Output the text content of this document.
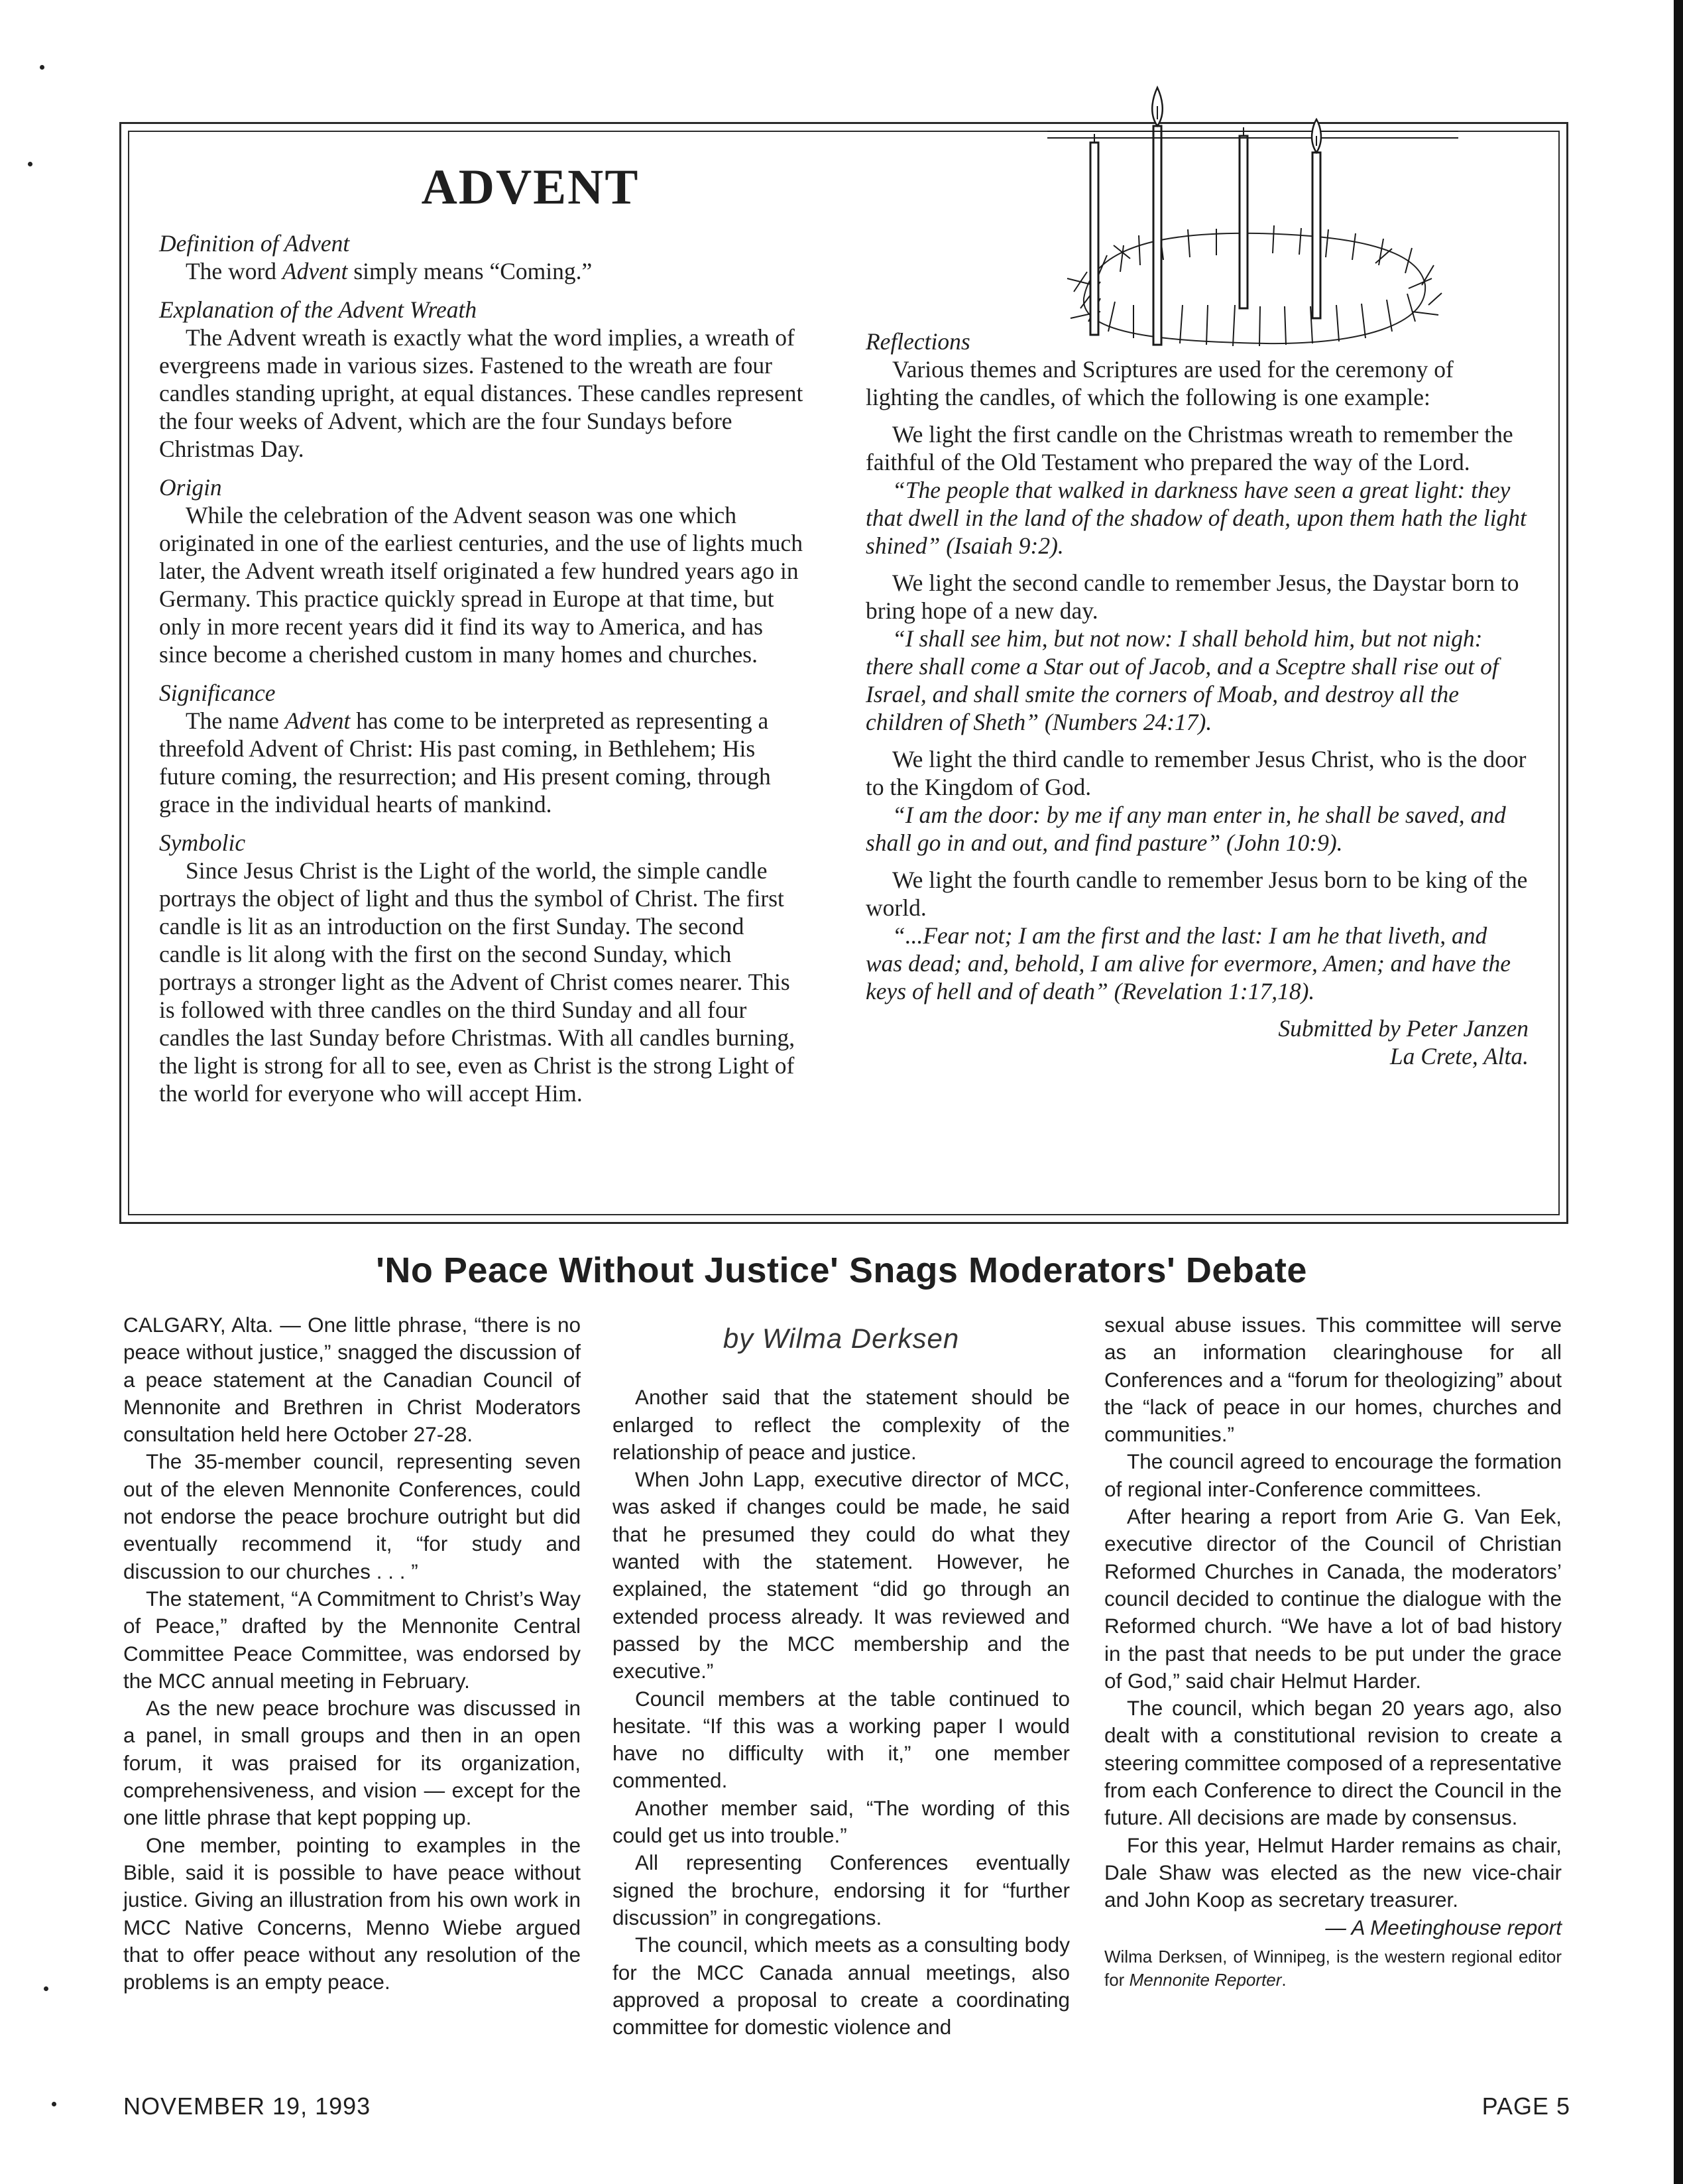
ADVENT

Definition of Advent

The word Advent simply means “Coming.”

Explanation of the Advent Wreath

The Advent wreath is exactly what the word implies, a wreath of evergreens made in various sizes. Fastened to the wreath are four candles standing upright, at equal distances. These candles represent the four weeks of Advent, which are the four Sundays before Christmas Day.

Origin

While the celebration of the Advent season was one which originated in one of the earliest centuries, and the use of lights much later, the Advent wreath itself originated a few hundred years ago in Germany. This practice quickly spread in Europe at that time, but only in more recent years did it find its way to America, and has since become a cherished custom in many homes and churches.

Significance

The name Advent has come to be interpreted as representing a threefold Advent of Christ: His past coming, in Bethlehem; His future coming, the resurrection; and His present coming, through grace in the individual hearts of mankind.

Symbolic

Since Jesus Christ is the Light of the world, the simple candle portrays the object of light and thus the symbol of Christ. The first candle is lit as an introduction on the first Sunday. The second candle is lit along with the first on the second Sunday, which portrays a stronger light as the Advent of Christ comes nearer. This is followed with three candles on the third Sunday and all four candles the last Sunday before Christmas. With all candles burning, the light is strong for all to see, even as Christ is the strong Light of the world for everyone who will accept Him.

Reflections

Various themes and Scriptures are used for the ceremony of lighting the candles, of which the following is one example:

We light the first candle on the Christmas wreath to remember the faithful of the Old Testament who prepared the way of the Lord.

“The people that walked in darkness have seen a great light: they that dwell in the land of the shadow of death, upon them hath the light shined” (Isaiah 9:2).

We light the second candle to remember Jesus, the Daystar born to bring hope of a new day.

“I shall see him, but not now: I shall behold him, but not nigh: there shall come a Star out of Jacob, and a Sceptre shall rise out of Israel, and shall smite the corners of Moab, and destroy all the children of Sheth” (Numbers 24:17).

We light the third candle to remember Jesus Christ, who is the door to the Kingdom of God.

“I am the door: by me if any man enter in, he shall be saved, and shall go in and out, and find pasture” (John 10:9).

We light the fourth candle to remember Jesus born to be king of the world.

“...Fear not; I am the first and the last: I am he that liveth, and was dead; and, behold, I am alive for evermore, Amen; and have the keys of hell and of death” (Revelation 1:17,18).

Submitted by Peter Janzen

La Crete, Alta.

'No Peace Without Justice' Snags Moderators' Debate

CALGARY, Alta. — One little phrase, “there is no peace without justice,” snagged the discussion of a peace statement at the Canadian Council of Mennonite and Brethren in Christ Moderators consultation held here October 27-28.

The 35-member council, representing seven out of the eleven Mennonite Conferences, could not endorse the peace brochure outright but did eventually recommend it, “for study and discussion to our churches . . . ”

The statement, “A Commitment to Christ’s Way of Peace,” drafted by the Mennonite Central Committee Peace Committee, was endorsed by the MCC annual meeting in February.

As the new peace brochure was discussed in a panel, in small groups and then in an open forum, it was praised for its organization, comprehensiveness, and vision — except for the one little phrase that kept popping up.

One member, pointing to examples in the Bible, said it is possible to have peace without justice. Giving an illustration from his own work in MCC Native Concerns, Menno Wiebe argued that to offer peace without any resolution of the problems is an empty peace.

by Wilma Derksen

Another said that the statement should be enlarged to reflect the complexity of the relationship of peace and justice.

When John Lapp, executive director of MCC, was asked if changes could be made, he said that he presumed they could do what they wanted with the statement. However, he explained, the statement “did go through an extended process already. It was reviewed and passed by the MCC membership and the executive.”

Council members at the table continued to hesitate. “If this was a working paper I would have no difficulty with it,” one member commented.

Another member said, “The wording of this could get us into trouble.”

All representing Conferences eventually signed the brochure, endorsing it for “further discussion” in congregations.

The council, which meets as a consulting body for the MCC Canada annual meetings, also approved a proposal to create a coordinating committee for domestic violence and

sexual abuse issues. This committee will serve as an information clearinghouse for all Conferences and a “forum for theologizing” about the “lack of peace in our homes, churches and communities.”

The council agreed to encourage the formation of regional inter-Conference committees.

After hearing a report from Arie G. Van Eek, executive director of the Council of Christian Reformed Churches in Canada, the moderators’ council decided to continue the dialogue with the Reformed church. “We have a lot of bad history in the past that needs to be put under the grace of God,” said chair Helmut Harder.

The council, which began 20 years ago, also dealt with a constitutional revision to create a steering committee composed of a representative from each Conference to direct the Council in the future. All decisions are made by consensus.

For this year, Helmut Harder remains as chair, Dale Shaw was elected as the new vice-chair and John Koop as secretary treasurer.

— A Meetinghouse report

Wilma Derksen, of Winnipeg, is the western regional editor for Mennonite Reporter.

NOVEMBER 19, 1993	PAGE 5
